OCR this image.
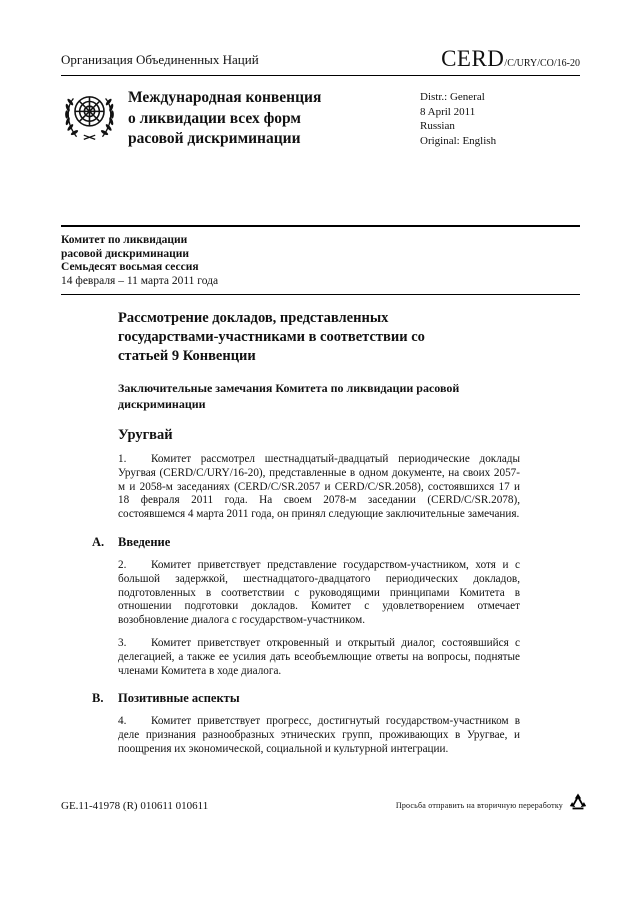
Организация Объединенных Наций	CERD/C/URY/CO/16-20
Международная конвенция
о ликвидации всех форм
расовой дискриминации
Distr.: General
8 April 2011
Russian
Original: English
Комитет по ликвидации
расовой дискриминации
Семьдесят восьмая сессия
14 февраля – 11 марта 2011 года
Рассмотрение докладов, представленных государствами-участниками в соответствии со статьей 9 Конвенции
Заключительные замечания Комитета по ликвидации расовой дискриминации
Уругвай

1. Комитет рассмотрел шестнадцатый-двадцатый периодические доклады Уругвая (CERD/C/URY/16-20), представленные в одном документе, на своих 2057-м и 2058-м заседаниях (CERD/C/SR.2057 и CERD/C/SR.2058), состоявшихся 17 и 18 февраля 2011 года. На своем 2078-м заседании (CERD/C/SR.2078), состоявшемся 4 марта 2011 года, он принял следующие заключительные замечания.

A.	Введение

2. Комитет приветствует представление государством-участником, хотя и с большой задержкой, шестнадцатого-двадцатого периодических докладов, подготовленных в соответствии с руководящими принципами Комитета в отношении подготовки докладов. Комитет с удовлетворением отмечает возобновление диалога с государством-участником.

3. Комитет приветствует откровенный и открытый диалог, состоявшийся с делегацией, а также ее усилия дать всеобъемлющие ответы на вопросы, поднятые членами Комитета в ходе диалога.

B.	Позитивные аспекты

4. Комитет приветствует прогресс, достигнутый государством-участником в деле признания разнообразных этнических групп, проживающих в Уругвае, и поощрения их экономической, социальной и культурной интеграции.

GE.11-41978 (R) 010611 010611	Просьба отправить на вторичную переработку
